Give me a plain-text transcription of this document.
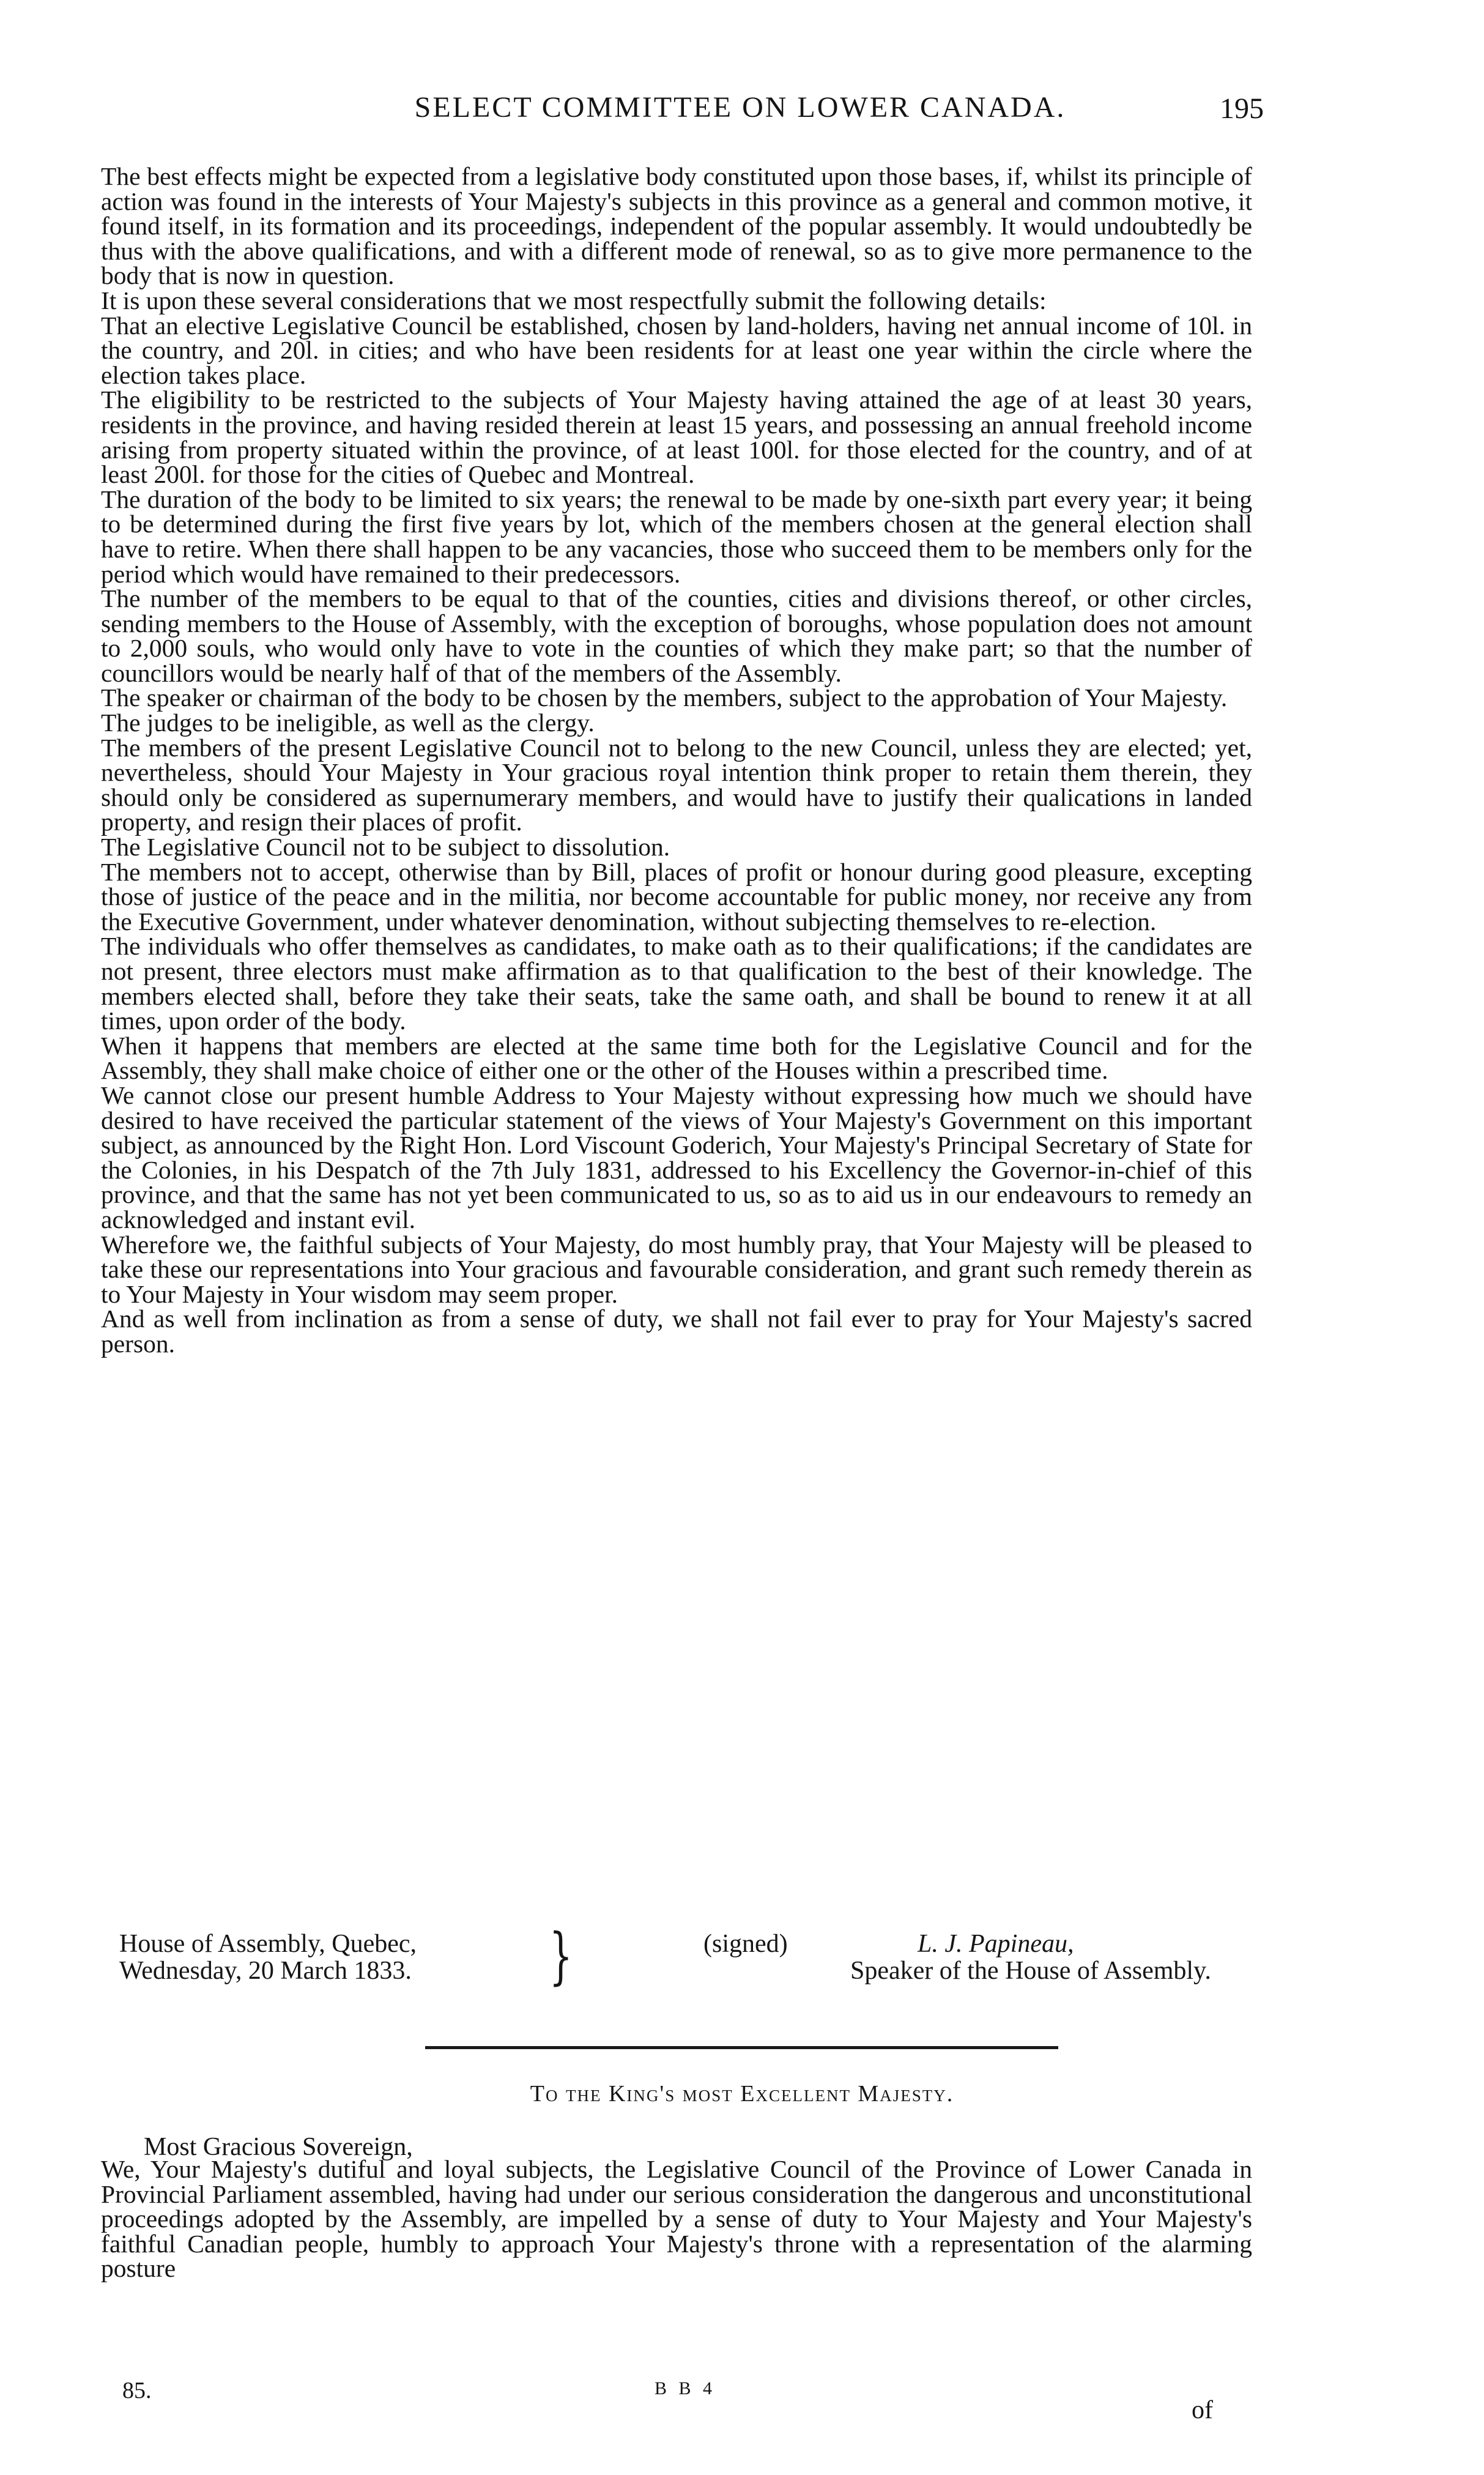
SELECT COMMITTEE ON LOWER CANADA.	195

The best effects might be expected from a legislative body constituted upon those bases, if, whilst its principle of action was found in the interests of Your Majesty's subjects in this province as a general and common motive, it found itself, in its formation and its proceedings, independent of the popular assembly. It would undoubtedly be thus with the above qualifications, and with a different mode of renewal, so as to give more permanence to the body that is now in question.

It is upon these several considerations that we most respectfully submit the following details:

That an elective Legislative Council be established, chosen by land-holders, having net annual income of 10l. in the country, and 20l. in cities; and who have been residents for at least one year within the circle where the election takes place.

The eligibility to be restricted to the subjects of Your Majesty having attained the age of at least 30 years, residents in the province, and having resided therein at least 15 years, and possessing an annual freehold income arising from property situated within the province, of at least 100l. for those elected for the country, and of at least 200l. for those for the cities of Quebec and Montreal.

The duration of the body to be limited to six years; the renewal to be made by one-sixth part every year; it being to be determined during the first five years by lot, which of the members chosen at the general election shall have to retire. When there shall happen to be any vacancies, those who succeed them to be members only for the period which would have remained to their predecessors.

The number of the members to be equal to that of the counties, cities and divisions thereof, or other circles, sending members to the House of Assembly, with the exception of boroughs, whose population does not amount to 2,000 souls, who would only have to vote in the counties of which they make part; so that the number of councillors would be nearly half of that of the members of the Assembly.

The speaker or chairman of the body to be chosen by the members, subject to the approbation of Your Majesty.

The judges to be ineligible, as well as the clergy.

The members of the present Legislative Council not to belong to the new Council, unless they are elected; yet, nevertheless, should Your Majesty in Your gracious royal intention think proper to retain them therein, they should only be considered as supernumerary members, and would have to justify their qualications in landed property, and resign their places of profit.

The Legislative Council not to be subject to dissolution.

The members not to accept, otherwise than by Bill, places of profit or honour during good pleasure, excepting those of justice of the peace and in the militia, nor become accountable for public money, nor receive any from the Executive Government, under whatever denomination, without subjecting themselves to re-election.

The individuals who offer themselves as candidates, to make oath as to their qualifications; if the candidates are not present, three electors must make affirmation as to that qualification to the best of their knowledge. The members elected shall, before they take their seats, take the same oath, and shall be bound to renew it at all times, upon order of the body.

When it happens that members are elected at the same time both for the Legislative Council and for the Assembly, they shall make choice of either one or the other of the Houses within a prescribed time.

We cannot close our present humble Address to Your Majesty without expressing how much we should have desired to have received the particular statement of the views of Your Majesty's Government on this important subject, as announced by the Right Hon. Lord Viscount Goderich, Your Majesty's Principal Secretary of State for the Colonies, in his Despatch of the 7th July 1831, addressed to his Excellency the Governor-in-chief of this province, and that the same has not yet been communicated to us, so as to aid us in our endeavours to remedy an acknowledged and instant evil.

Wherefore we, the faithful subjects of Your Majesty, do most humbly pray, that Your Majesty will be pleased to take these our representations into Your gracious and favourable consideration, and grant such remedy therein as to Your Majesty in Your wisdom may seem proper.

And as well from inclination as from a sense of duty, we shall not fail ever to pray for Your Majesty's sacred person.

House of Assembly, Quebec,
Wednesday, 20 March 1833. }	(signed)	L. J. Papineau,
Speaker of the House of Assembly.
To the King's most Excellent Majesty.
Most Gracious Sovereign,

We, Your Majesty's dutiful and loyal subjects, the Legislative Council of the Province of Lower Canada in Provincial Parliament assembled, having had under our serious consideration the dangerous and unconstitutional proceedings adopted by the Assembly, are impelled by a sense of duty to Your Majesty and Your Majesty's faithful Canadian people, humbly to approach Your Majesty's throne with a representation of the alarming posture

85.	B B 4
of
